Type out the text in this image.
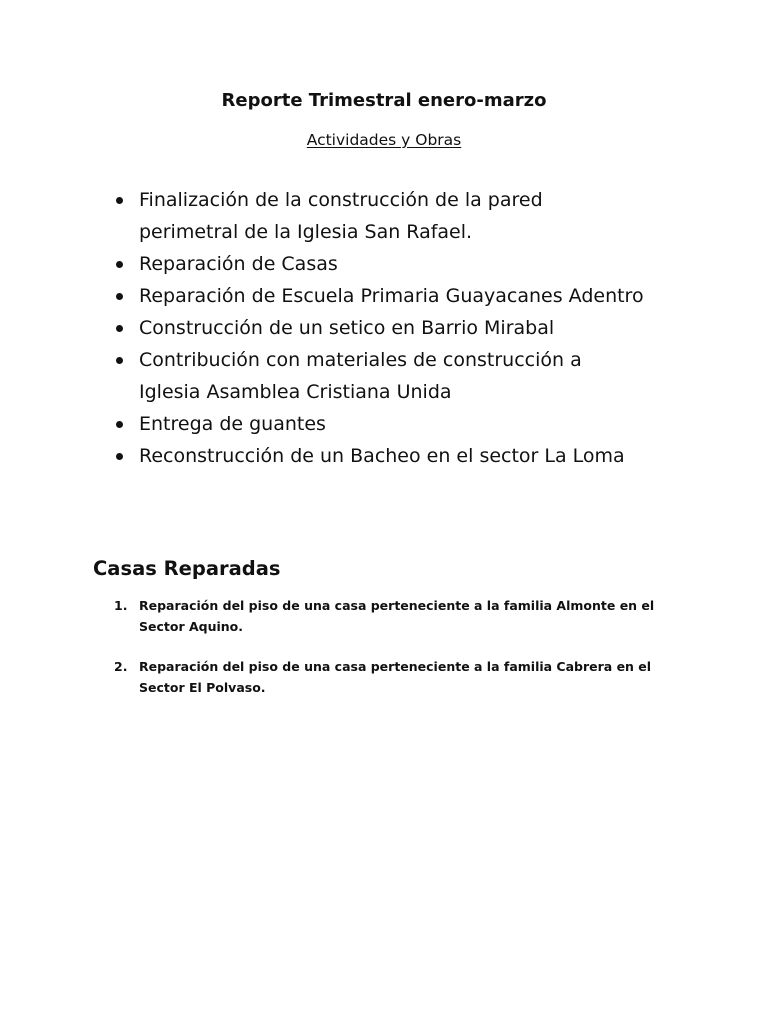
Reporte Trimestral enero-marzo

Actividades y Obras

Finalización de la construcción de la pared
perimetral de la Iglesia San Rafael.
Reparación de Casas
Reparación de Escuela Primaria Guayacanes Adentro
Construcción de un setico en Barrio Mirabal
Contribución con materiales de construcción a
Iglesia Asamblea Cristiana Unida
Entrega de guantes
Reconstrucción de un Bacheo en el sector La Loma
Casas Reparadas
1. Reparación del piso de una casa perteneciente a la familia Almonte en el
Sector Aquino.
2. Reparación del piso de una casa perteneciente a la familia Cabrera en el
Sector El Polvaso.
